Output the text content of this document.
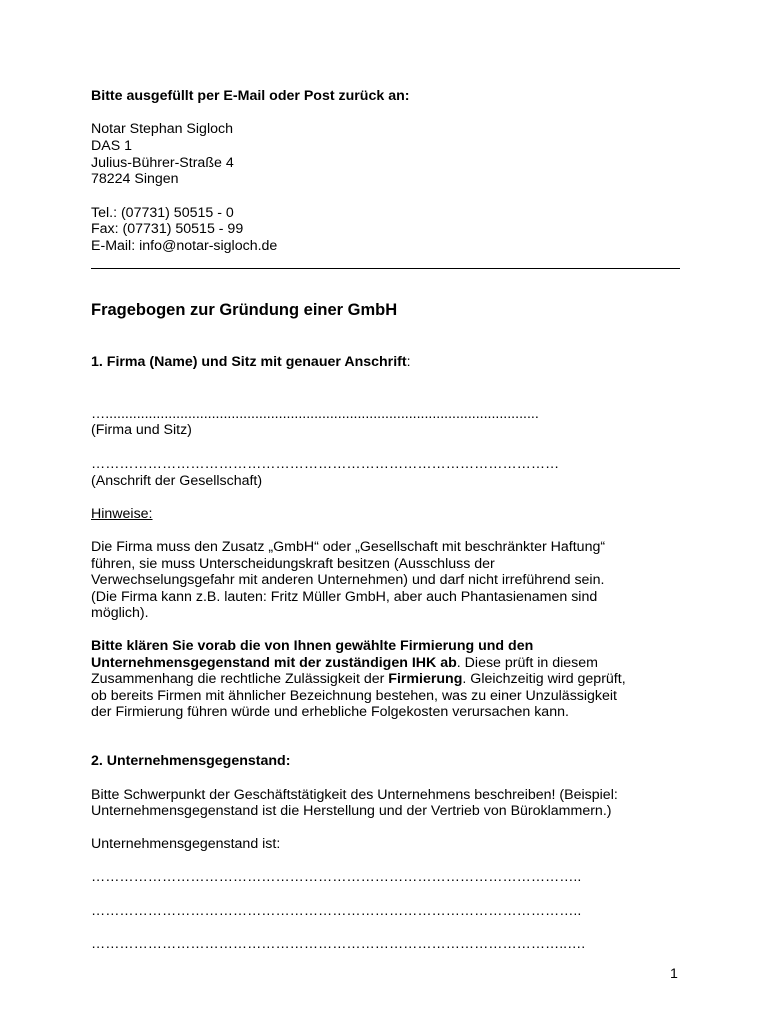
Bitte ausgefüllt per E-Mail oder Post zurück an:
Notar Stephan Sigloch
DAS 1
Julius-Bührer-Straße 4
78224 Singen
Tel.: (07731) 50515 - 0
Fax: (07731) 50515 - 99
E-Mail: info@notar-sigloch.de
Fragebogen zur Gründung einer GmbH
1. Firma (Name) und Sitz mit genauer Anschrift:
…..............................................................................................................
(Firma und Sitz)
………………………………………………………………………………………
(Anschrift der Gesellschaft)
Hinweise:
Die Firma muss den Zusatz „GmbH“ oder „Gesellschaft mit beschränkter Haftung“
führen, sie muss Unterscheidungskraft besitzen (Ausschluss der
Verwechselungsgefahr mit anderen Unternehmen) und darf nicht irreführend sein.
(Die Firma kann z.B. lauten: Fritz Müller GmbH, aber auch Phantasienamen sind
möglich).
Bitte klären Sie vorab die von Ihnen gewählte Firmierung und den
Unternehmensgegenstand mit der zuständigen IHK ab. Diese prüft in diesem
Zusammenhang die rechtliche Zulässigkeit der Firmierung. Gleichzeitig wird geprüft,
ob bereits Firmen mit ähnlicher Bezeichnung bestehen, was zu einer Unzulässigkeit
der Firmierung führen würde und erhebliche Folgekosten verursachen kann.
2. Unternehmensgegenstand:
Bitte Schwerpunkt der Geschäftstätigkeit des Unternehmens beschreiben! (Beispiel:
Unternehmensgegenstand ist die Herstellung und der Vertrieb von Büroklammern.)
Unternehmensgegenstand ist:
…………………………………………………………………………………………..
…………………………………………………………………………………………..
………………………………………………………………………………………..….
1
